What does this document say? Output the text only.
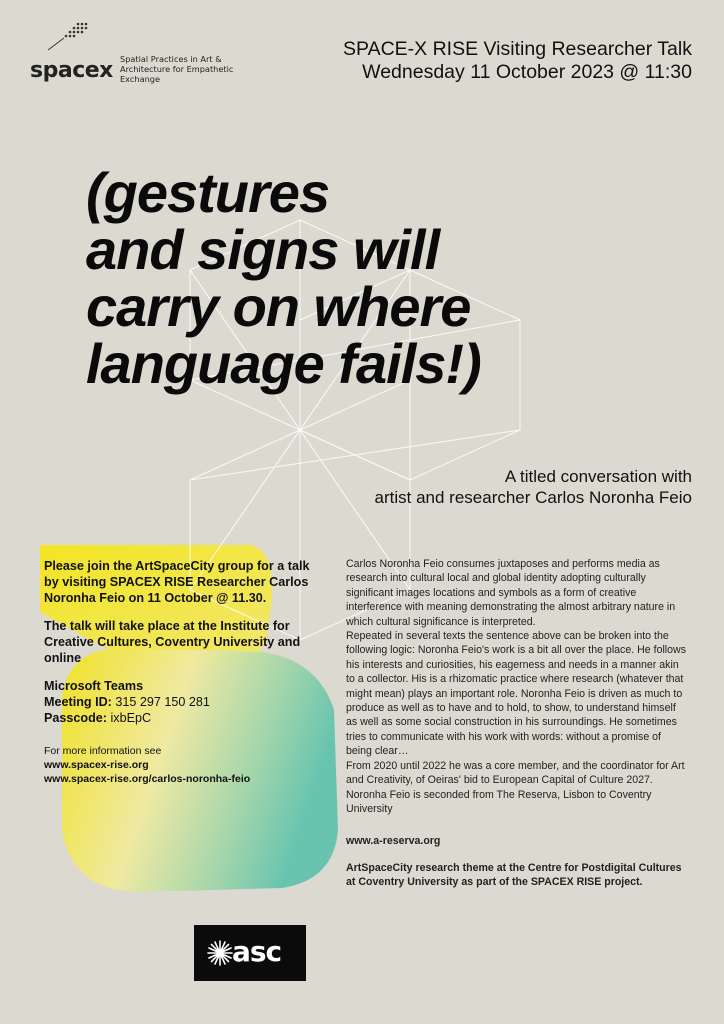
spacex Spatial Practices in Art & Architecture for Empathetic Exchange
SPACE-X RISE Visiting Researcher Talk
Wednesday 11 October 2023 @ 11:30
(gestures
and signs will
carry on where
language fails!)
A titled conversation with
artist and researcher Carlos Noronha Feio

Please join the ArtSpaceCity group for a talk by visiting SPACEX RISE Researcher Carlos Noronha Feio on 11 October @ 11.30.

The talk will take place at the Institute for Creative Cultures, Coventry University and online

Microsoft Teams
Meeting ID: 315 297 150 281
Passcode: ixbEpC
For more information see
www.spacex-rise.org
www.spacex-rise.org/carlos-noronha-feio

Carlos Noronha Feio consumes juxtaposes and performs media as research into cultural local and global identity adopting culturally significant images locations and symbols as a form of creative interference with meaning demonstrating the almost arbitrary nature in which cultural significance is interpreted.

Repeated in several texts the sentence above can be broken into the following logic: Noronha Feio's work is a bit all over the place. He follows his interests and curiosities, his eagerness and needs in a manner akin to a collector. His is a rhizomatic practice where research (whatever that might mean) plays an important role. Noronha Feio is driven as much to produce as well as to have and to hold, to show, to understand himself as well as some social construction in his surroundings. He sometimes tries to communicate with his work with words: without a promise of being clear…

From 2020 until 2022 he was a core member, and the coordinator for Art and Creativity, of Oeiras' bid to European Capital of Culture 2027.

Noronha Feio is seconded from The Reserva, Lisbon to Coventry University

www.a-reserva.org

ArtSpaceCity research theme at the Centre for Postdigital Cultures at Coventry University as part of the SPACEX RISE project.

asc
